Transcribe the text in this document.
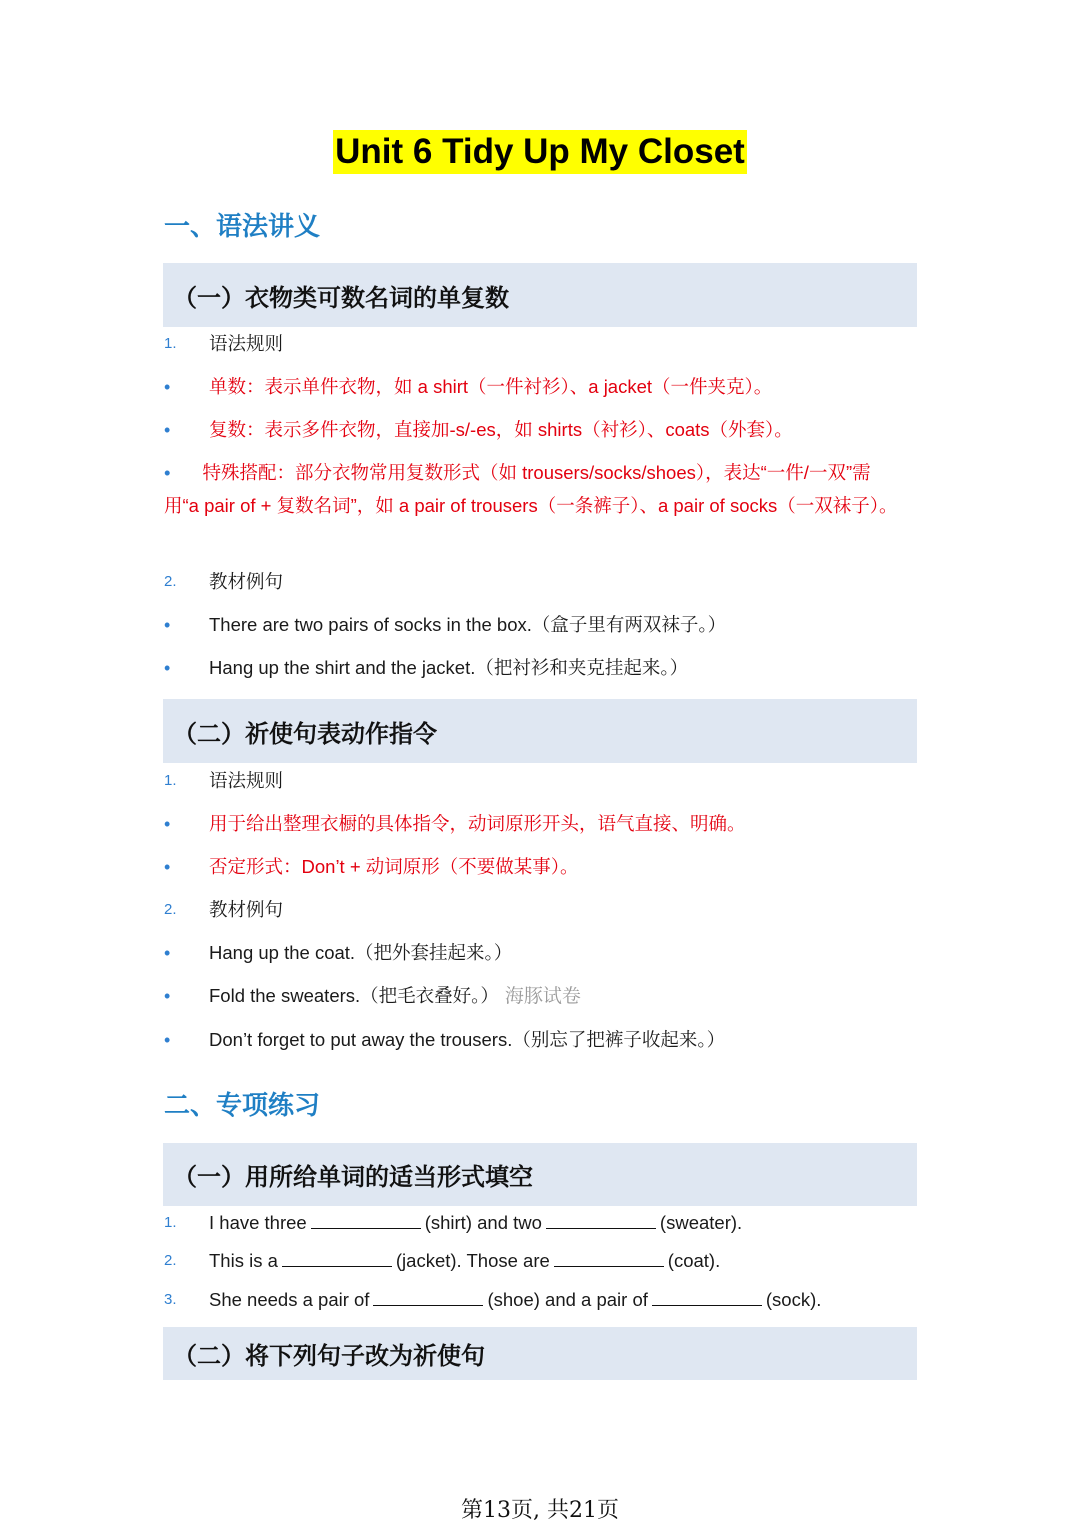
Unit 6 Tidy Up My Closet
一、语法讲义
（一）衣物类可数名词的单复数
1.	语法规则
• 单数：表示单件衣物，如 a shirt（一件衬衫）、a jacket（一件夹克）。
• 复数：表示多件衣物，直接加-s/-es，如 shirts（衬衫）、coats（外套）。
• 特殊搭配：部分衣物常用复数形式（如 trousers/socks/shoes），表达“一件/一双”需用“a pair of + 复数名词”，如 a pair of trousers（一条裤子）、a pair of socks（一双袜子）。
2.	教材例句
• There are two pairs of socks in the box.（盒子里有两双袜子。）
• Hang up the shirt and the jacket.（把衬衫和夹克挂起来。）
（二）祈使句表动作指令
1.	语法规则
• 用于给出整理衣橱的具体指令，动词原形开头，语气直接、明确。
• 否定形式：Don’t + 动词原形（不要做某事）。
2.	教材例句
• Hang up the coat.（把外套挂起来。）
• Fold the sweaters.（把毛衣叠好。） 海豚试卷
• Don’t forget to put away the trousers.（别忘了把裤子收起来。）
二、专项练习
（一）用所给单词的适当形式填空
1.	I have three	(shirt) and two	(sweater).
2.	This is a	(jacket). Those are	(coat).
3.	She needs a pair of	(shoe) and a pair of	(sock).
（二）将下列句子改为祈使句
第13页, 共21页
